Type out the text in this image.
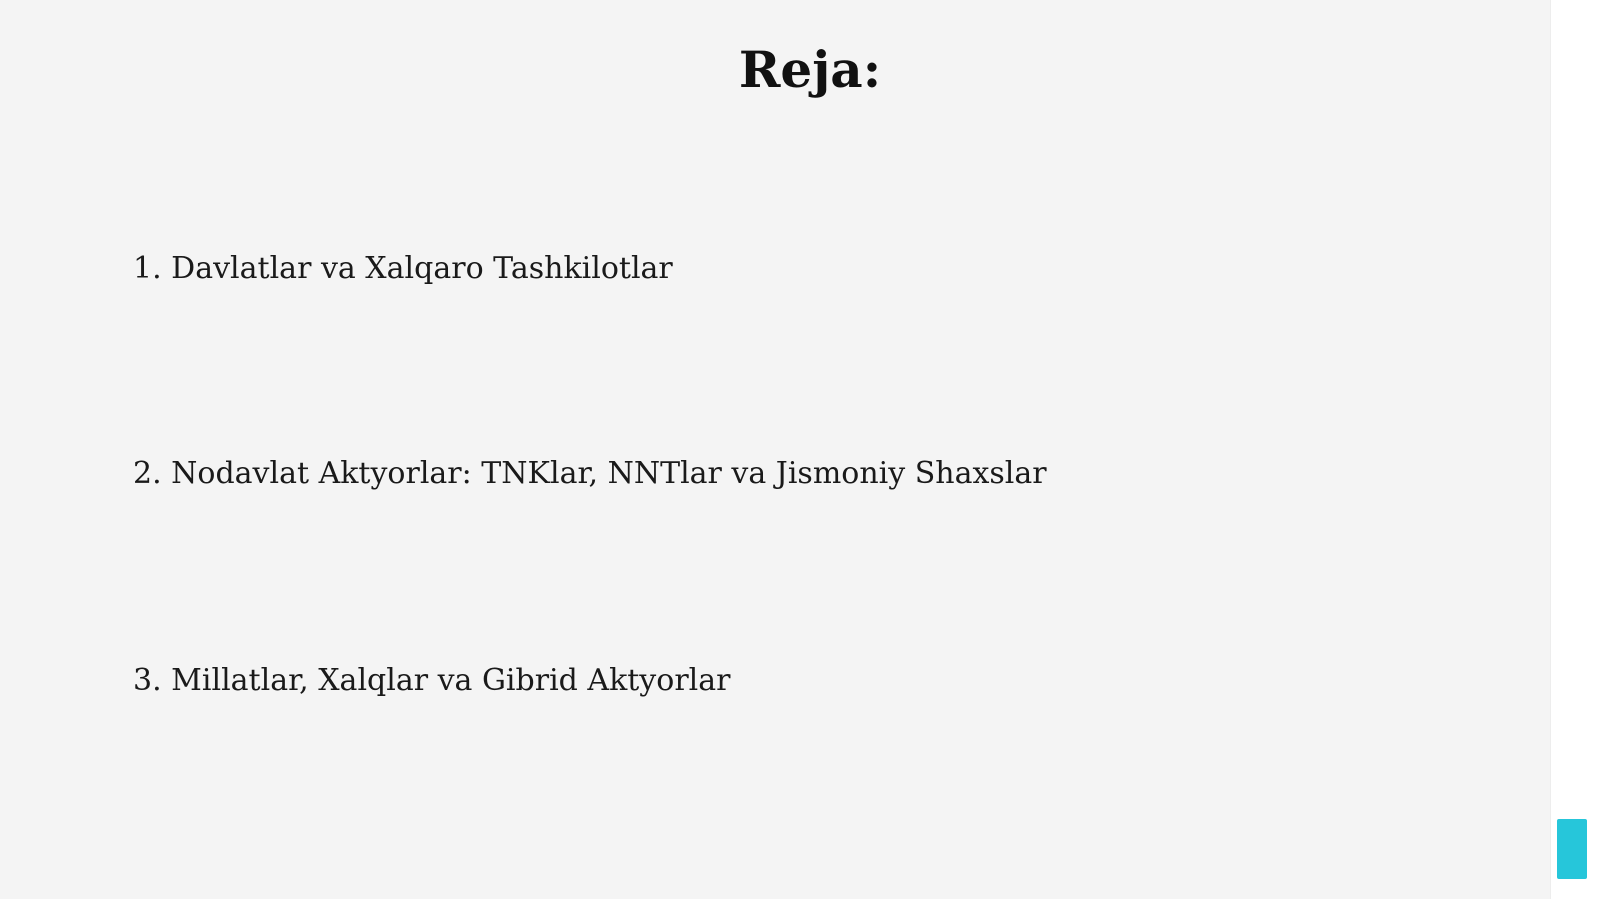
Reja:
1. Davlatlar va Xalqaro Tashkilotlar
2. Nodavlat Aktyorlar: TNKlar, NNTlar va Jismoniy Shaxslar
3. Millatlar, Xalqlar va Gibrid Aktyorlar
